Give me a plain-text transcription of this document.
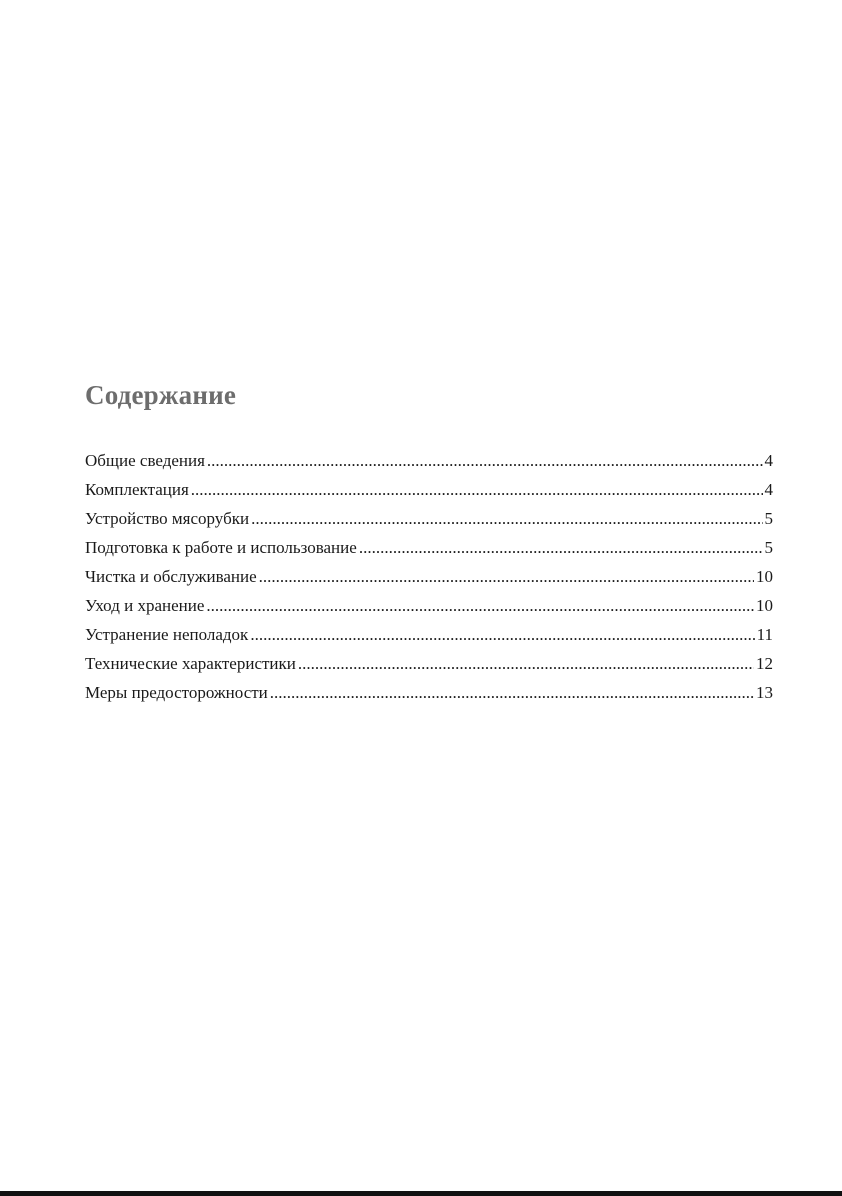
Содержание
Общие сведения .....	4
Комплектация .....	4
Устройство мясорубки .....	5
Подготовка к работе и использование .....	5
Чистка и обслуживание .....	10
Уход и хранение .....	10
Устранение неполадок .....	11
Технические характеристики .....	12
Меры предосторожности .....	13
